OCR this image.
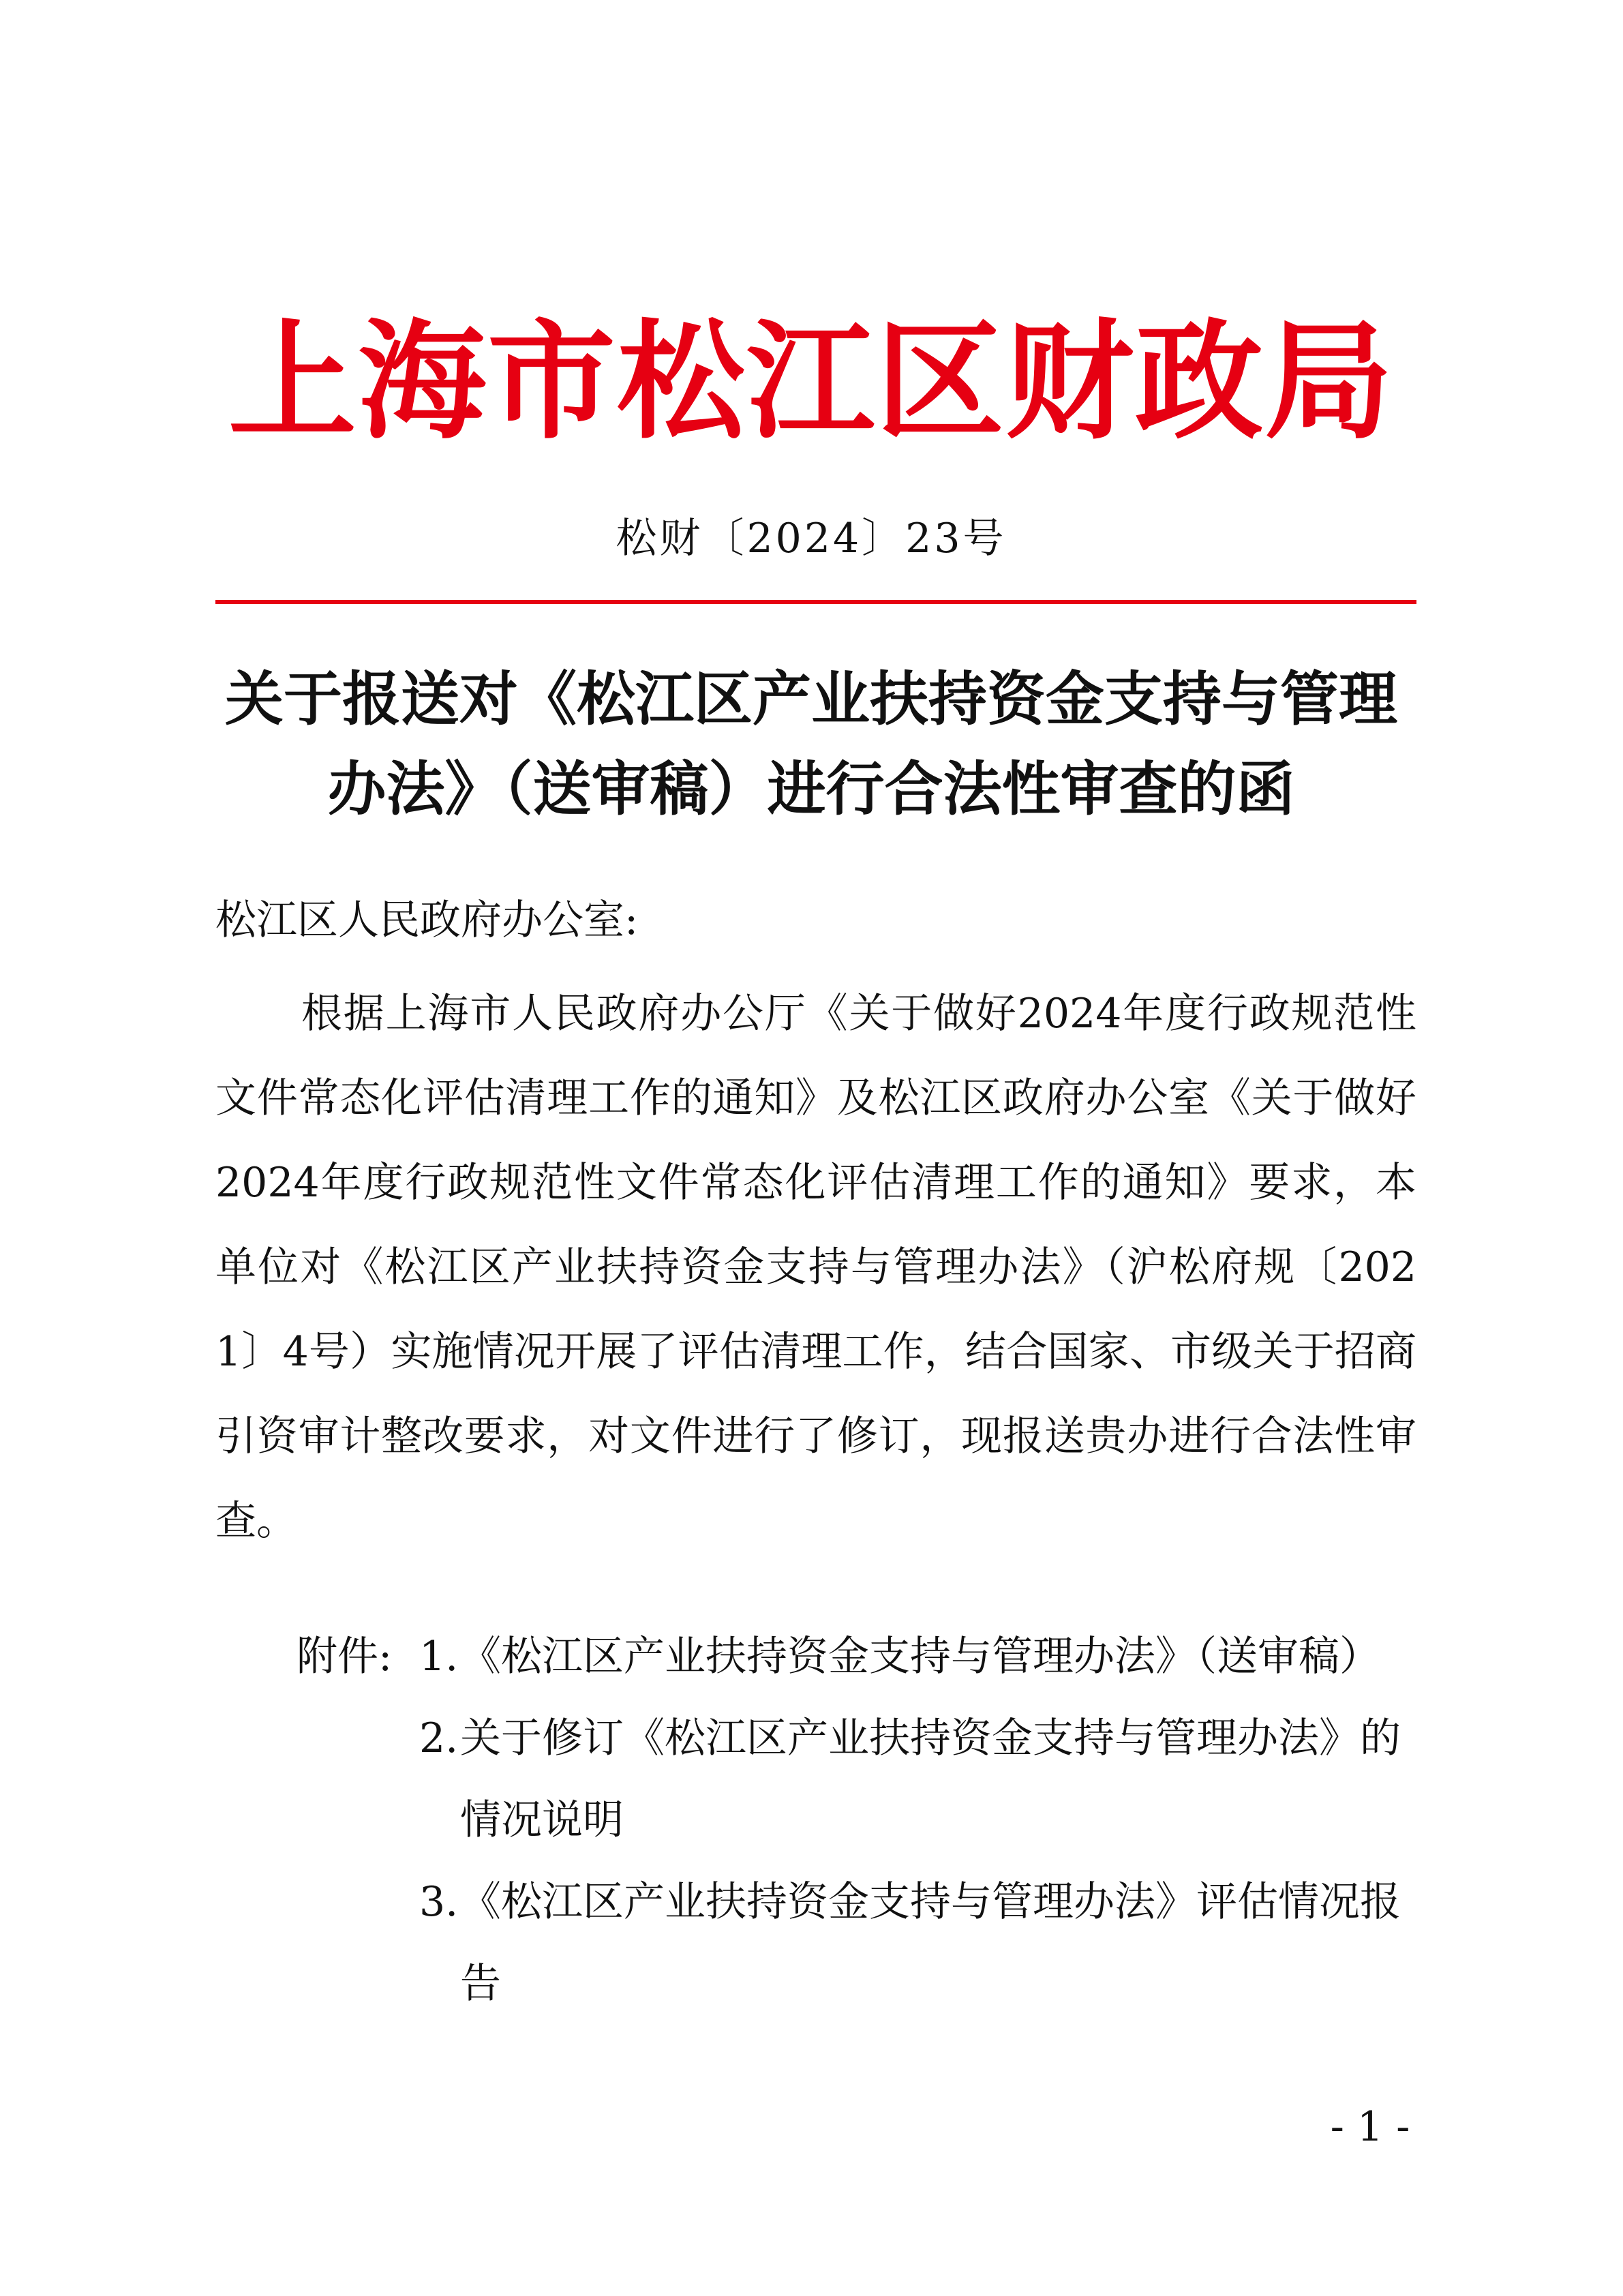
上海市松江区财政局
松财〔2024〕23号
关于报送对《松江区产业扶持资金支持与管理
办法》（送审稿）进行合法性审查的函
松江区人民政府办公室:

根据上海市人民政府办公厅《关于做好2024年度行政规范性文件常态化评估清理工作的通知》及松江区政府办公室《关于做好2024年度行政规范性文件常态化评估清理工作的通知》要求，本单位对《松江区产业扶持资金支持与管理办法》（沪松府规〔2021〕4号）实施情况开展了评估清理工作，结合国家、市级关于招商引资审计整改要求，对文件进行了修订，现报送贵办进行合法性审查。

附件: 1. 《松江区产业扶持资金支持与管理办法》（送审稿）
2. 关于修订《松江区产业扶持资金支持与管理办法》的情况说明
3. 《松江区产业扶持资金支持与管理办法》评估情况报告
- 1 -
